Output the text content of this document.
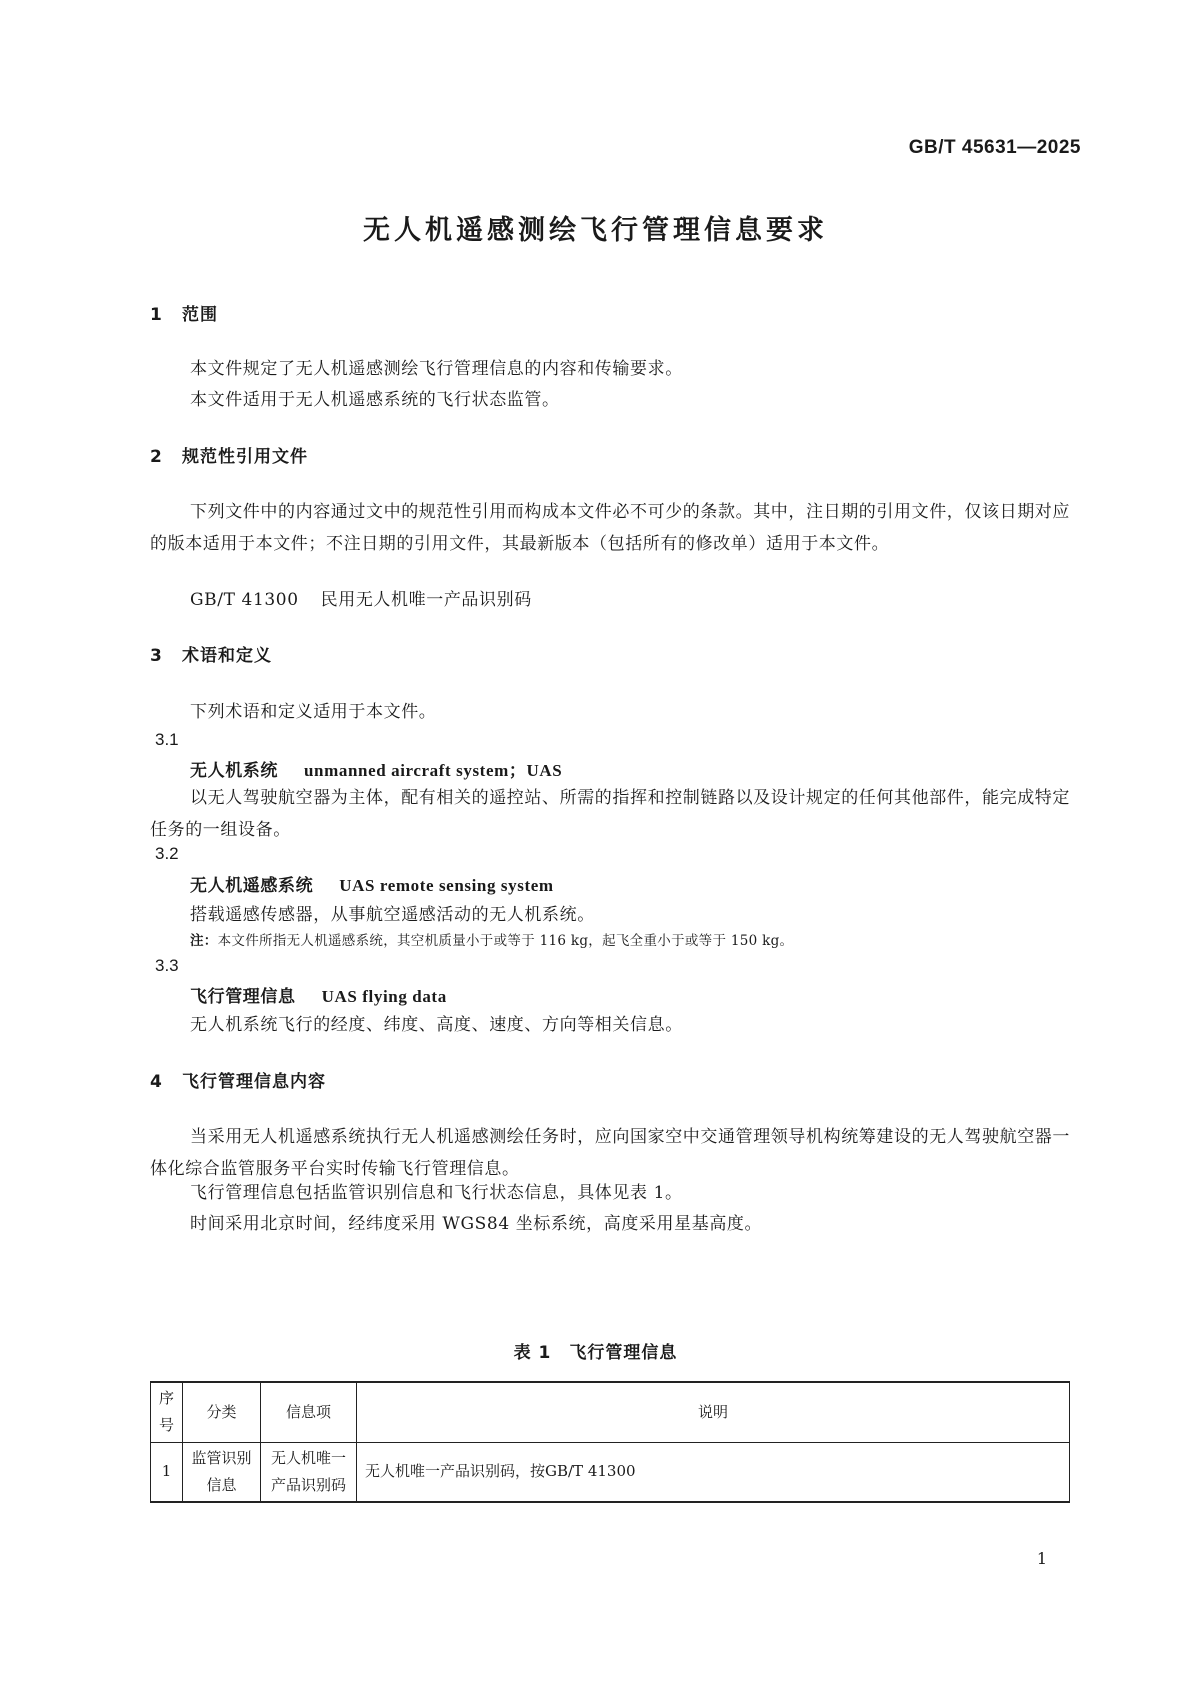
GB/T 45631—2025
无人机遥感测绘飞行管理信息要求
1 范围
本文件规定了无人机遥感测绘飞行管理信息的内容和传输要求。
本文件适用于无人机遥感系统的飞行状态监管。
2 规范性引用文件
下列文件中的内容通过文中的规范性引用而构成本文件必不可少的条款。其中，注日期的引用文件，仅该日期对应的版本适用于本文件；不注日期的引用文件，其最新版本（包括所有的修改单）适用于本文件。
GB/T 41300 民用无人机唯一产品识别码
3 术语和定义
下列术语和定义适用于本文件。
3.1
无人机系统 unmanned aircraft system；UAS
以无人驾驶航空器为主体，配有相关的遥控站、所需的指挥和控制链路以及设计规定的任何其他部件，能完成特定任务的一组设备。
3.2
无人机遥感系统 UAS remote sensing system
搭载遥感传感器，从事航空遥感活动的无人机系统。
注：本文件所指无人机遥感系统，其空机质量小于或等于 116 kg，起飞全重小于或等于 150 kg。
3.3
飞行管理信息 UAS flying data
无人机系统飞行的经度、纬度、高度、速度、方向等相关信息。
4 飞行管理信息内容
当采用无人机遥感系统执行无人机遥感测绘任务时，应向国家空中交通管理领导机构统筹建设的无人驾驶航空器一体化综合监管服务平台实时传输飞行管理信息。
飞行管理信息包括监管识别信息和飞行状态信息，具体见表 1。
时间采用北京时间，经纬度采用 WGS84 坐标系统，高度采用星基高度。
表 1　飞行管理信息
序号	分类	信息项	说明
1	监管识别信息	无人机唯一产品识别码	无人机唯一产品识别码，按GB/T 41300
1
